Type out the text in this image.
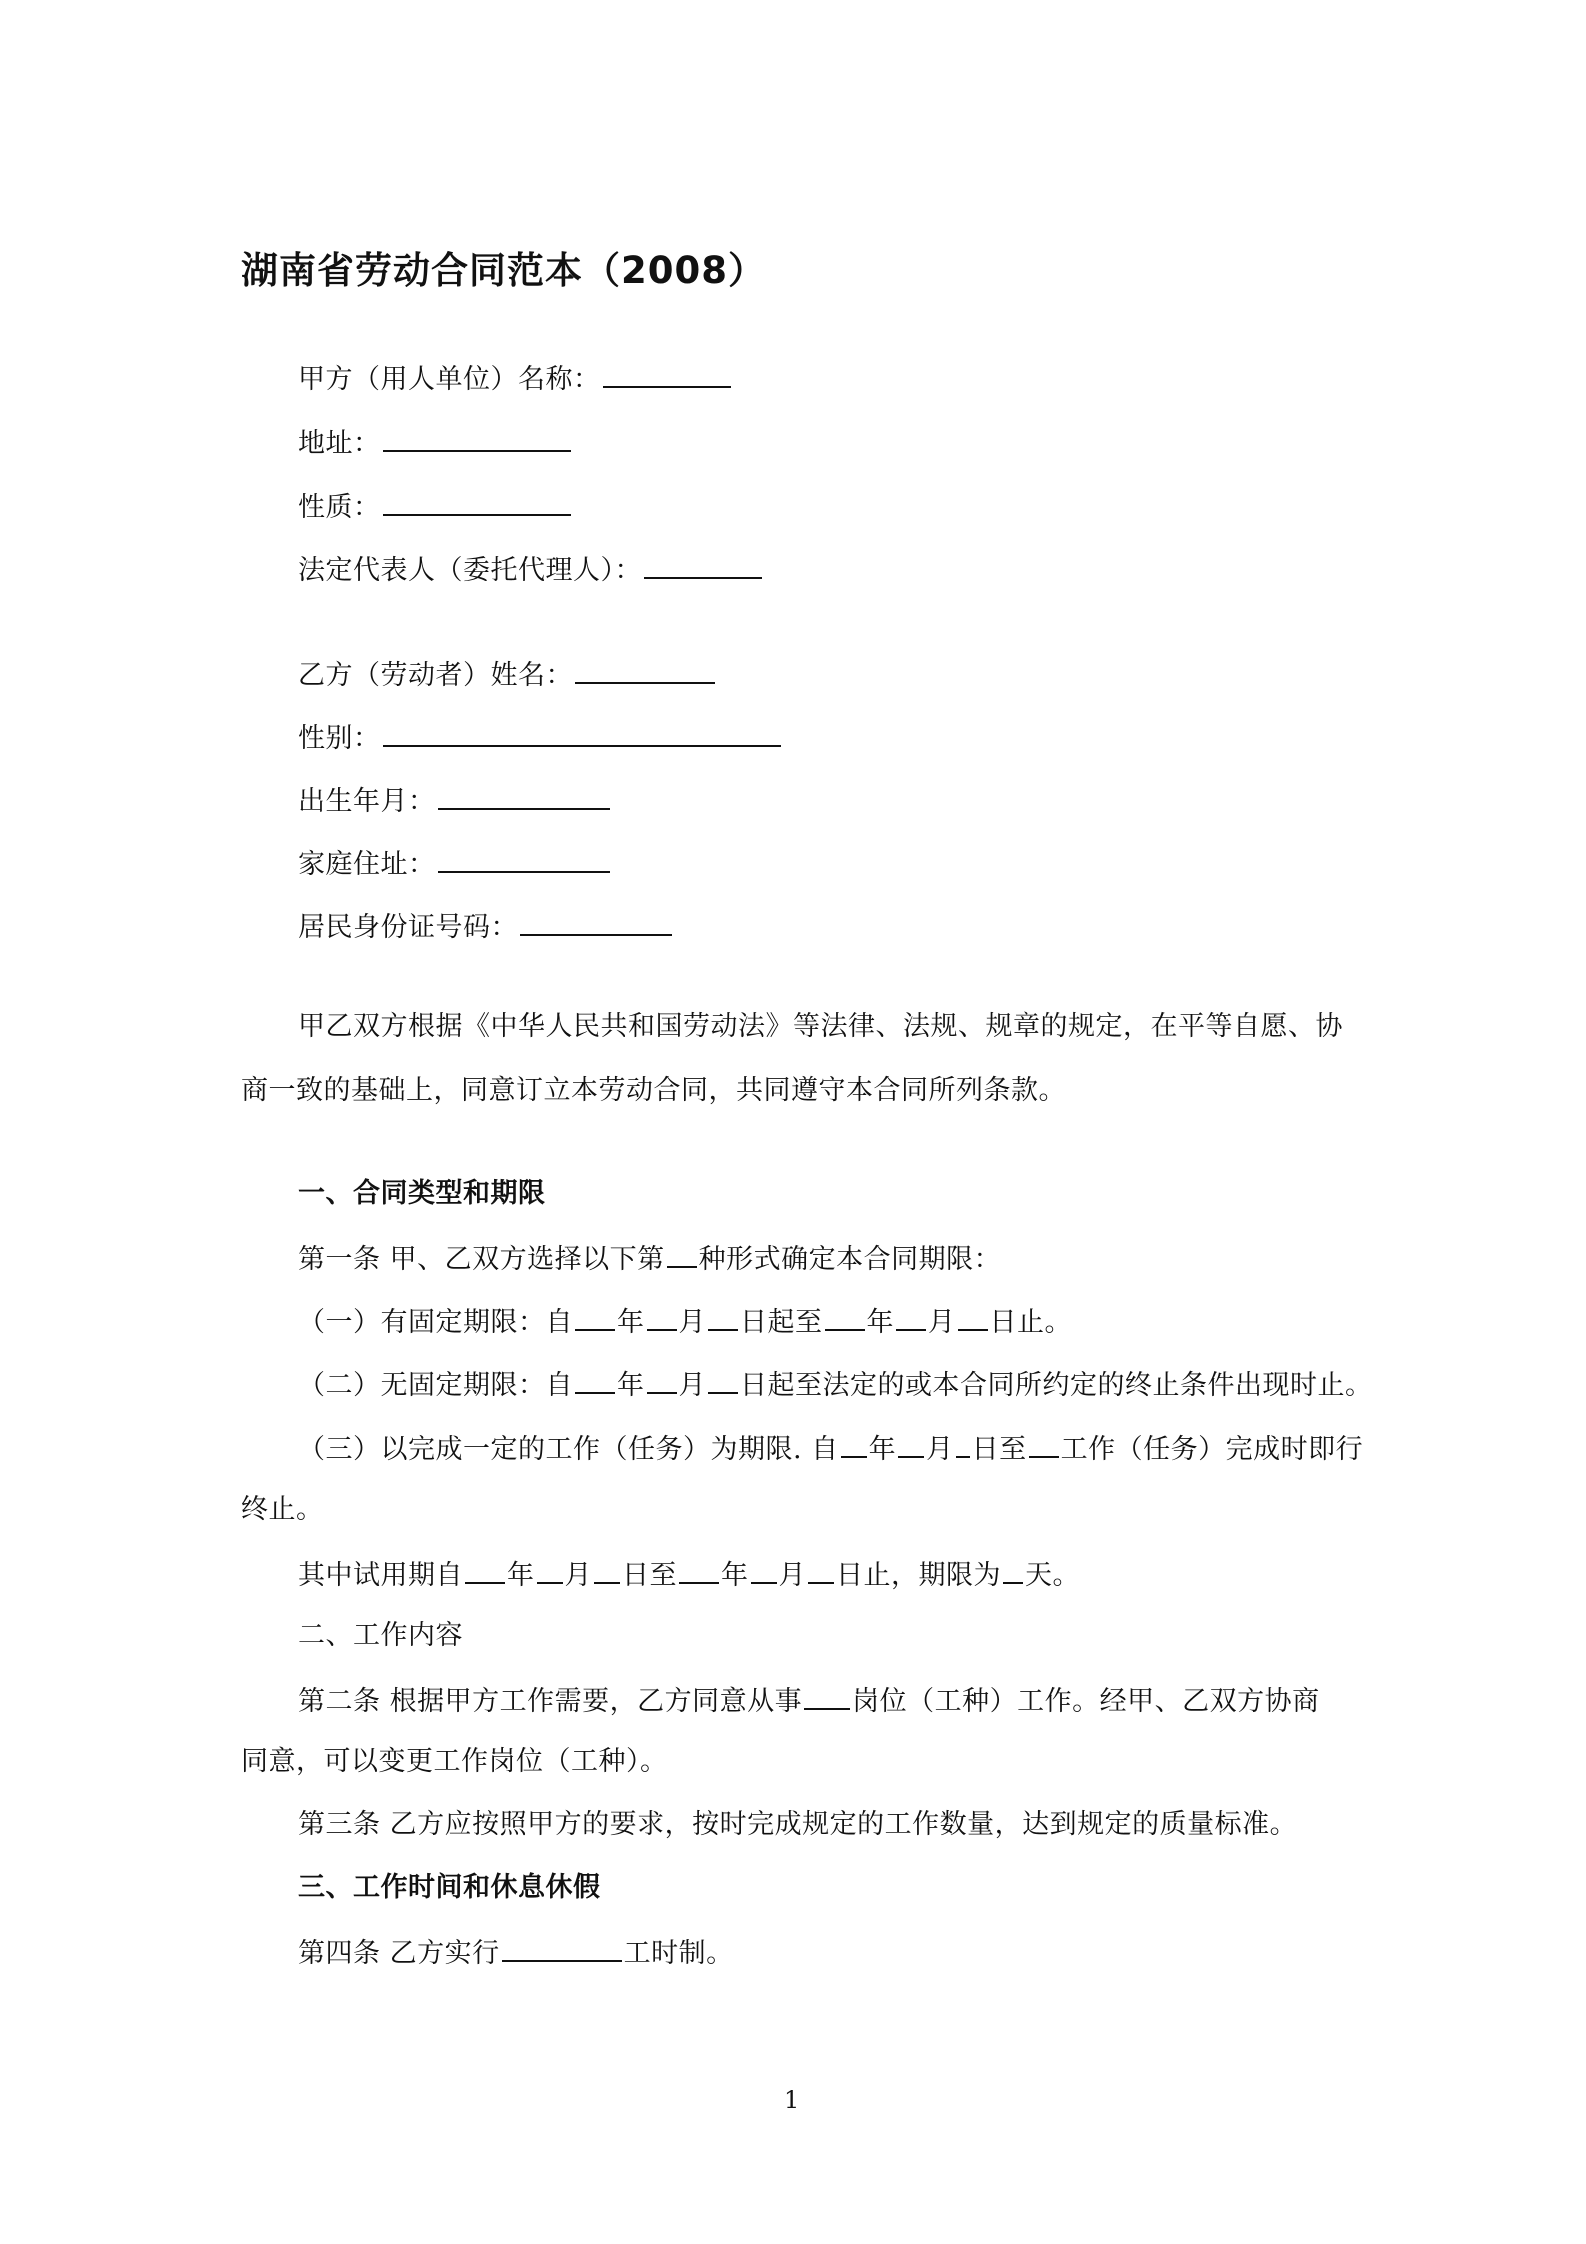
湖南省劳动合同范本（2008）
甲方（用人单位）名称：
地址：
性质：
法定代表人（委托代理人）：
乙方（劳动者）姓名：
性别：
出生年月：
家庭住址：
居民身份证号码：
甲乙双方根据《中华人民共和国劳动法》等法律、法规、规章的规定，在平等自愿、协
商一致的基础上，同意订立本劳动合同，共同遵守本合同所列条款。
一、合同类型和期限
第一条 甲、乙双方选择以下第 种形式确定本合同期限：
（一）有固定期限：自 年 月 日起至 年 月 日止。
（二）无固定期限：自 年 月 日起至法定的或本合同所约定的终止条件出现时止。
（三）以完成一定的工作（任务）为期限. 自 年 月 日至 工作（任务）完成时即行
终止。
其中试用期自 年 月 日至 年 月 日止，期限为 天。
二、工作内容
第二条 根据甲方工作需要，乙方同意从事 岗位（工种）工作。经甲、乙双方协商
同意，可以变更工作岗位（工种）。
第三条 乙方应按照甲方的要求，按时完成规定的工作数量，达到规定的质量标准。
三、工作时间和休息休假
第四条 乙方实行	工时制。
1
